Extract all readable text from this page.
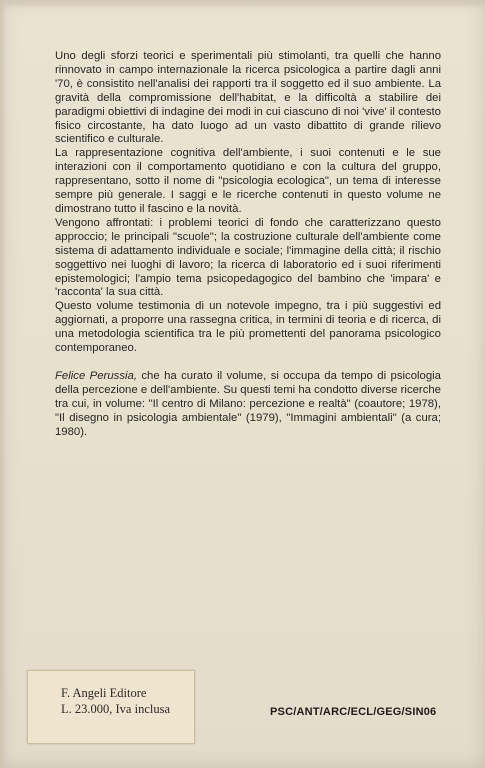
Uno degli sforzi teorici e sperimentali più stimolanti, tra quelli che hanno rinnovato in campo internazionale la ricerca psicologica a partire dagli anni '70, è consistito nell'analisi dei rapporti tra il soggetto ed il suo ambiente. La gravità della compromissione dell'habitat, e la difficoltà a stabilire dei paradigmi obiettivi di indagine dei modi in cui ciascuno di noi 'vive' il contesto fisico circostante, ha dato luogo ad un vasto dibattito di grande rilievo scientifico e culturale.

La rappresentazione cognitiva dell'ambiente, i suoi contenuti e le sue interazioni con il comportamento quotidiano e con la cultura del gruppo, rappresentano, sotto il nome di "psicologia ecologica", un tema di interesse sempre più generale. I saggi e le ricerche contenuti in questo volume ne dimostrano tutto il fascino e la novità.

Vengono affrontati: i problemi teorici di fondo che caratterizzano questo approccio; le principali "scuole"; la costruzione culturale dell'ambiente come sistema di adattamento individuale e sociale; l'immagine della città; il rischio soggettivo nei luoghi di lavoro; la ricerca di laboratorio ed i suoi riferimenti epistemologici; l'ampio tema psicopedagogico del bambino che 'impara' e 'racconta' la sua città.

Questo volume testimonia di un notevole impegno, tra i più suggestivi ed aggiornati, a proporre una rassegna critica, in termini di teoria e di ricerca, di una metodologia scientifica tra le più promettenti del panorama psicologico contemporaneo.

Felice Perussia, che ha curato il volume, si occupa da tempo di psicologia della percezione e dell'ambiente. Su questi temi ha condotto diverse ricerche tra cui, in volume: "Il centro di Milano: percezione e realtà" (coautore; 1978), "Il disegno in psicologia ambientale" (1979), "Immagini ambientali" (a cura; 1980).

F. Angeli Editore
L. 23.000, Iva inclusa	PSC/ANT/ARC/ECL/GEG/SIN06
